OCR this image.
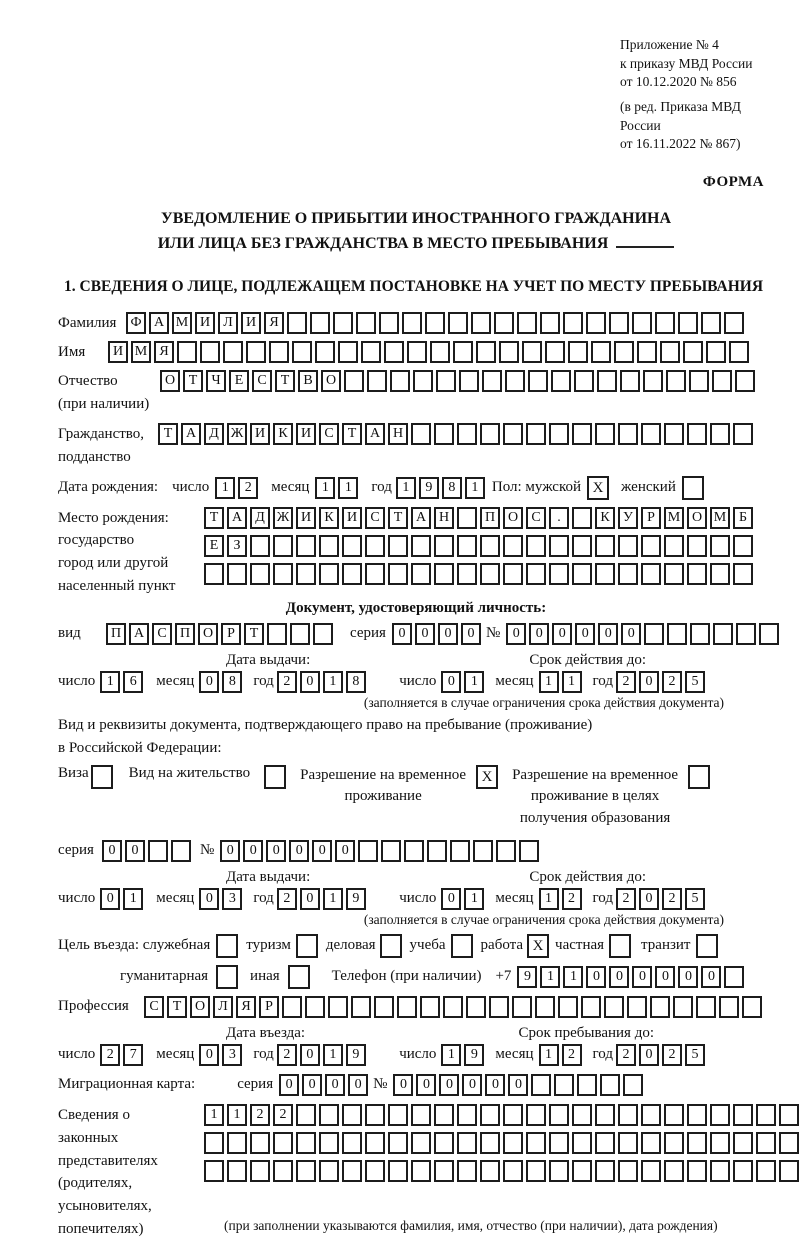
Приложение № 4
к приказу МВД России
от 10.12.2020 № 856
(в ред. Приказа МВД России
от 16.11.2022 № 867)
ФОРМА
УВЕДОМЛЕНИЕ О ПРИБЫТИИ ИНОСТРАННОГО ГРАЖДАНИНА
ИЛИ ЛИЦА БЕЗ ГРАЖДАНСТВА В МЕСТО ПРЕБЫВАНИЯ
1. СВЕДЕНИЯ О ЛИЦЕ, ПОДЛЕЖАЩЕМ ПОСТАНОВКЕ НА УЧЕТ ПО МЕСТУ ПРЕБЫВАНИЯ
Фамилия	Ф А М И Л И Я
Имя	И М Я
Отчество
(при наличии)
О Т Ч Е С Т В О
Гражданство,
подданство
Т А Д Ж И К И С Т А Н
Дата рождения: число 1 2	месяц 1 1	год 1 9 8 1 Пол: мужской X	женский
Место рождения:
государство
город или другой
населенный пункт
Т А Д Ж И К И С Т А Н	П О С .	К У Р М О М Б
Е З
Документ, удостоверяющий личность:
вид	П А С П О Р Т	серия 0 0 0 0 № 0 0 0 0 0 0
Дата выдачи:	Срок действия до:
число 1 6	месяц 0 8	год 2 0 1 8	число 0 1	месяц 1 1	год 2 0 2 5
(заполняется в случае ограничения срока действия документа)
Вид и реквизиты документа, подтверждающего право на пребывание (проживание)
в Российской Федерации:
Виза	Вид на жительство	Разрешение на временное
проживание
X	Разрешение на временное
проживание в целях
получения образования
серия	0 0	№ 0 0 0 0 0 0
Дата выдачи:	Срок действия до:
число 0 1	месяц 0 3	год 2 0 1 9	число 0 1	месяц 1 2	год 2 0 2 5
(заполняется в случае ограничения срока действия документа)
Цель въезда: служебная туризм деловая учеба работа X частная транзит
гуманитарная	иная	Телефон (при наличии) +7 9 1 1 0 0 0 0 0 0
Профессия	С Т О Л Я Р
Дата въезда:	Срок пребывания до:
число 2 7	месяц 0 3	год 2 0 1 9	число 1 9	месяц 1 2	год 2 0 2 5
Миграционная карта:	серия 0 0 0 0 № 0 0 0 0 0 0
Сведения о
законных
представителях
(родителях,
усыновителях,
попечителях)
1 1 2 2
(при заполнении указываются фамилия, имя, отчество (при наличии), дата рождения)
